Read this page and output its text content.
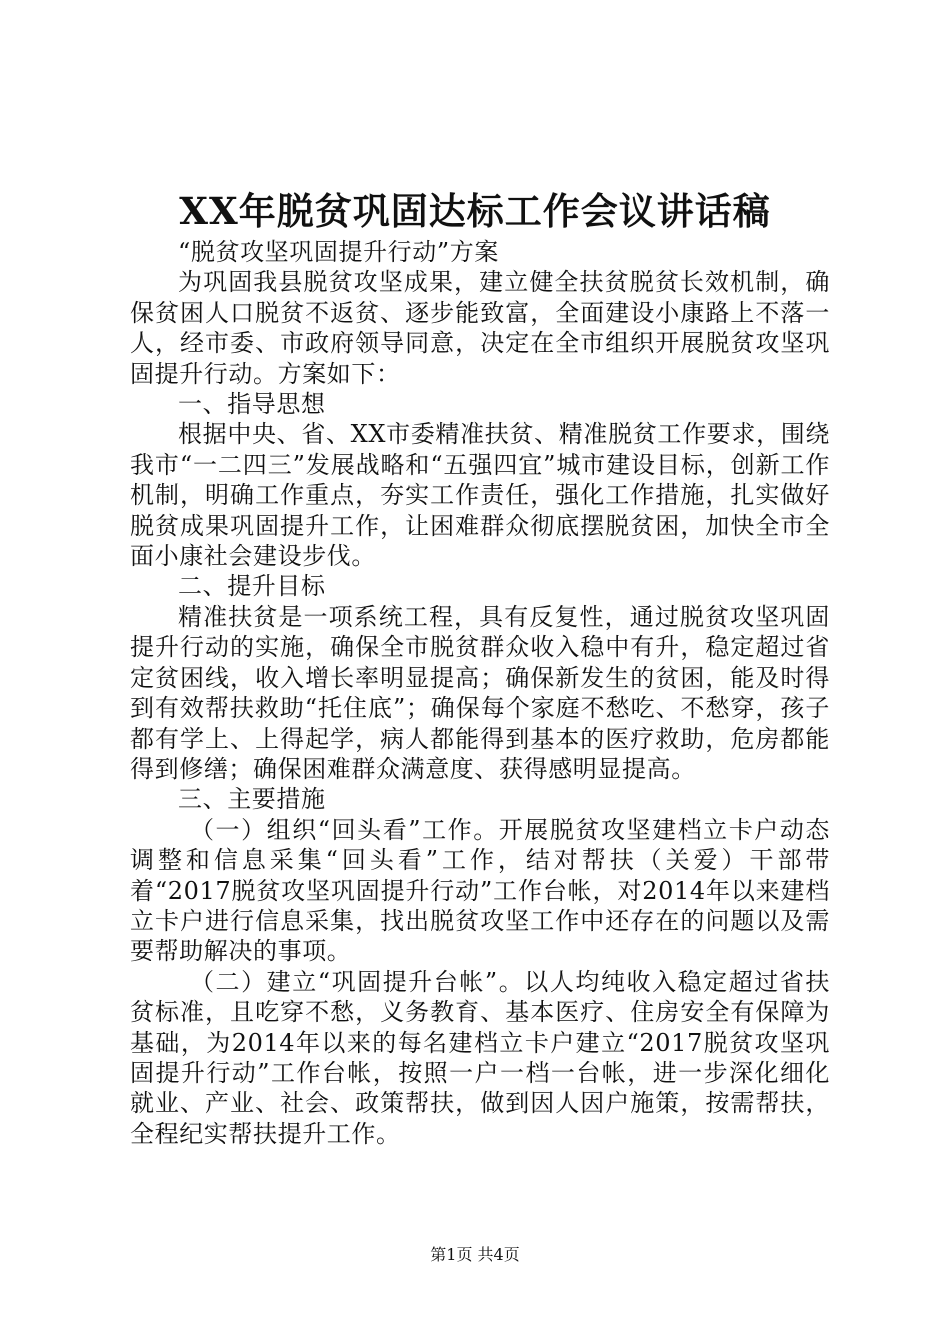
XX年脱贫巩固达标工作会议讲话稿

“脱贫攻坚巩固提升行动”方案

为巩固我县脱贫攻坚成果，建立健全扶贫脱贫长效机制，确保贫困人口脱贫不返贫、逐步能致富，全面建设小康路上不落一人，经市委、市政府领导同意，决定在全市组织开展脱贫攻坚巩固提升行动。方案如下：

一、指导思想

根据中央、省、XX市委精准扶贫、精准脱贫工作要求，围绕我市“一二四三”发展战略和“五强四宜”城市建设目标，创新工作机制，明确工作重点，夯实工作责任，强化工作措施，扎实做好脱贫成果巩固提升工作，让困难群众彻底摆脱贫困，加快全市全面小康社会建设步伐。

二、提升目标

精准扶贫是一项系统工程，具有反复性，通过脱贫攻坚巩固提升行动的实施，确保全市脱贫群众收入稳中有升，稳定超过省定贫困线，收入增长率明显提高；确保新发生的贫困，能及时得到有效帮扶救助“托住底”；确保每个家庭不愁吃、不愁穿，孩子都有学上、上得起学，病人都能得到基本的医疗救助，危房都能得到修缮；确保困难群众满意度、获得感明显提高。

三、主要措施

（一）组织“回头看”工作。开展脱贫攻坚建档立卡户动态调整和信息采集“回头看”工作，结对帮扶（关爱）干部带着“2017脱贫攻坚巩固提升行动”工作台帐，对2014年以来建档立卡户进行信息采集，找出脱贫攻坚工作中还存在的问题以及需要帮助解决的事项。

（二）建立“巩固提升台帐”。以人均纯收入稳定超过省扶贫标准，且吃穿不愁，义务教育、基本医疗、住房安全有保障为基础，为2014年以来的每名建档立卡户建立“2017脱贫攻坚巩固提升行动”工作台帐，按照一户一档一台帐，进一步深化细化就业、产业、社会、政策帮扶，做到因人因户施策，按需帮扶，全程纪实帮扶提升工作。

第1页 共4页
